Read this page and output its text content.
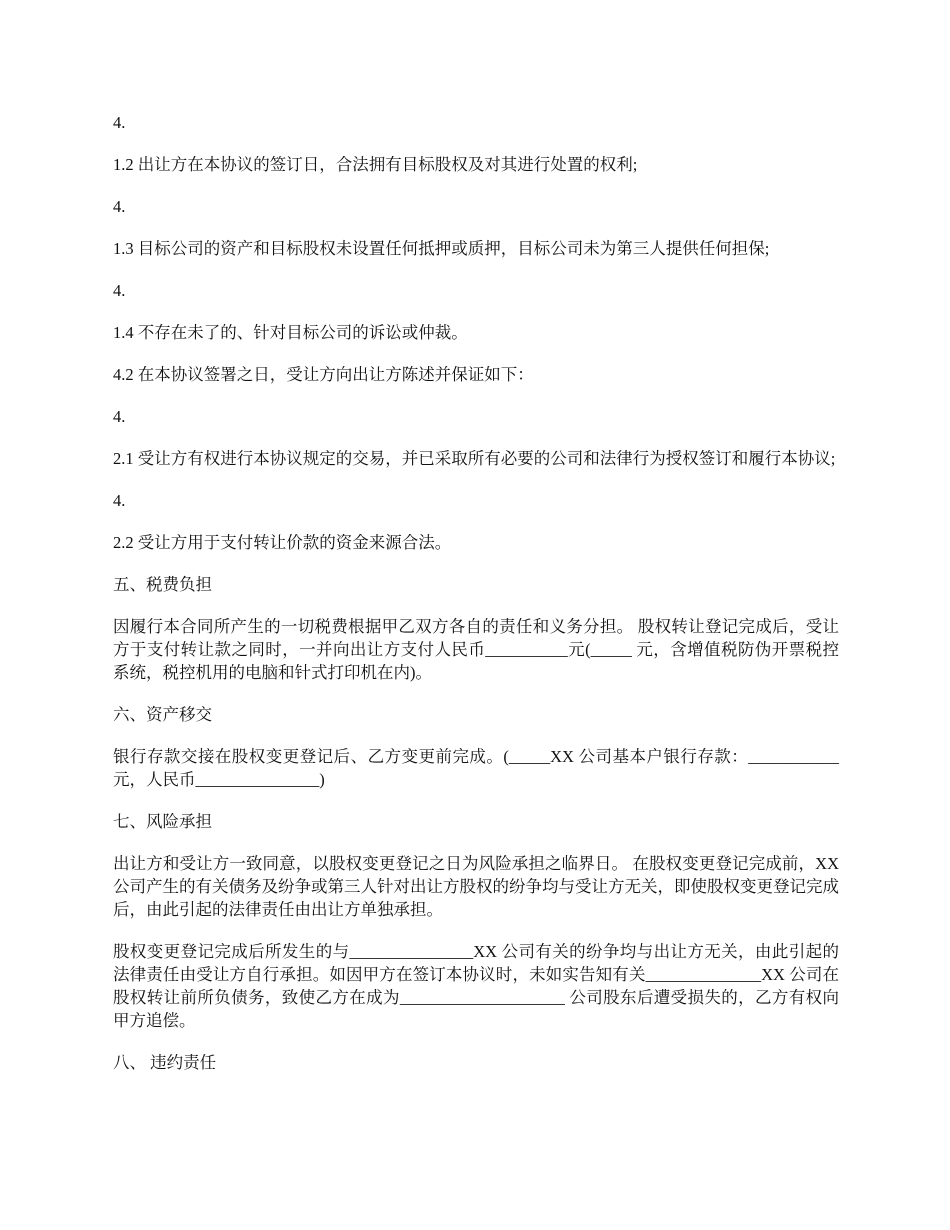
4.

1.2 出让方在本协议的签订日，合法拥有目标股权及对其进行处置的权利;

4.

1.3 目标公司的资产和目标股权未设置任何抵押或质押，目标公司未为第三人提供任何担保;

4.

1.4 不存在未了的、针对目标公司的诉讼或仲裁。

4.2 在本协议签署之日，受让方向出让方陈述并保证如下：

4.

2.1 受让方有权进行本协议规定的交易，并已采取所有必要的公司和法律行为授权签订和履行本协议;

4.

2.2 受让方用于支付转让价款的资金来源合法。

五、税费负担

因履行本合同所产生的一切税费根据甲乙双方各自的责任和义务分担。 股权转让登记完成后，受让方于支付转让款之同时，一并向出让方支付人民币__________元(_____ 元，含增值税防伪开票税控系统，税控机用的电脑和针式打印机在内)。

六、资产移交

银行存款交接在股权变更登记后、乙方变更前完成。(_____XX 公司基本户银行存款：___________元，人民币_______________)

七、风险承担

出让方和受让方一致同意，以股权变更登记之日为风险承担之临界日。 在股权变更登记完成前，XX 公司产生的有关债务及纷争或第三人针对出让方股权的纷争均与受让方无关，即使股权变更登记完成后，由此引起的法律责任由出让方单独承担。

股权变更登记完成后所发生的与_______________XX 公司有关的纷争均与出让方无关，由此引起的法律责任由受让方自行承担。如因甲方在签订本协议时，未如实告知有关______________XX 公司在股权转让前所负债务，致使乙方在成为____________________ 公司股东后遭受损失的，乙方有权向甲方追偿。

八、 违约责任
